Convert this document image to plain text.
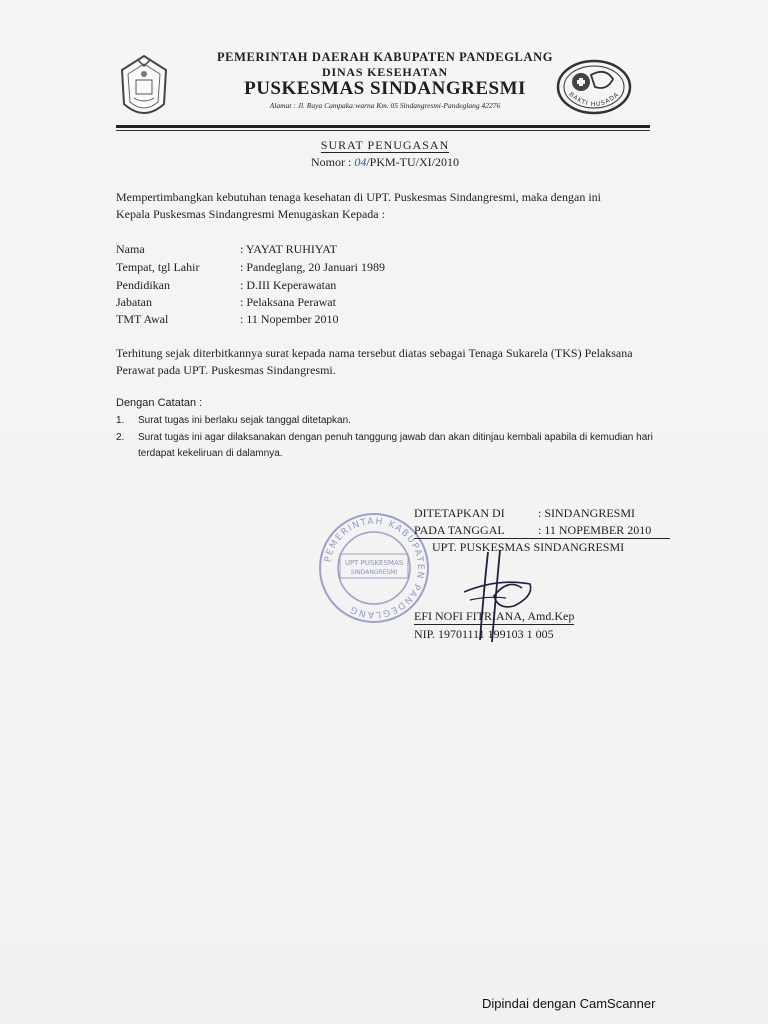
BAKTI HUSADA
PEMERINTAH DAERAH KABUPATEN PANDEGLANG
DINAS KESEHATAN
PUSKESMAS SINDANGRESMI
Alamat : Jl. Raya Campaka:warna Km. 05 Sindangresmi-Pandeglang 42276
SURAT PENUGASAN
Nomor : 04/PKM-TU/XI/2010
Mempertimbangkan kebutuhan tenaga kesehatan di UPT. Puskesmas Sindangresmi, maka dengan ini Kepala Puskesmas Sindangresmi Menugaskan Kepada :
Nama	: YAYAT RUHIYAT
Tempat, tgl Lahir	: Pandeglang, 20 Januari 1989
Pendidikan	: D.III Keperawatan
Jabatan	: Pelaksana Perawat
TMT Awal	: 11 Nopember 2010
Terhitung sejak diterbitkannya surat kepada nama tersebut diatas sebagai Tenaga Sukarela (TKS) Pelaksana Perawat pada UPT. Puskesmas Sindangresmi.
Dengan Catatan :
1. Surat tugas ini berlaku sejak tanggal ditetapkan.
2. Surat tugas ini agar dilaksanakan dengan penuh tanggung jawab dan akan ditinjau kembali apabila di kemudian hari terdapat kekeliruan di dalamnya.
PEMERINTAH KABUPATEN PANDEGLANG
UPT PUSKESMAS
SINDANGRESMI
DITETAPKAN DI	: SINDANGRESMI
PADA TANGGAL	: 11 NOPEMBER 2010
UPT. PUSKESMAS SINDANGRESMI
EFI NOFI FITRIANA, Amd.Kep
NIP. 19701111 199103 1 005
Dipindai dengan CamScanner
